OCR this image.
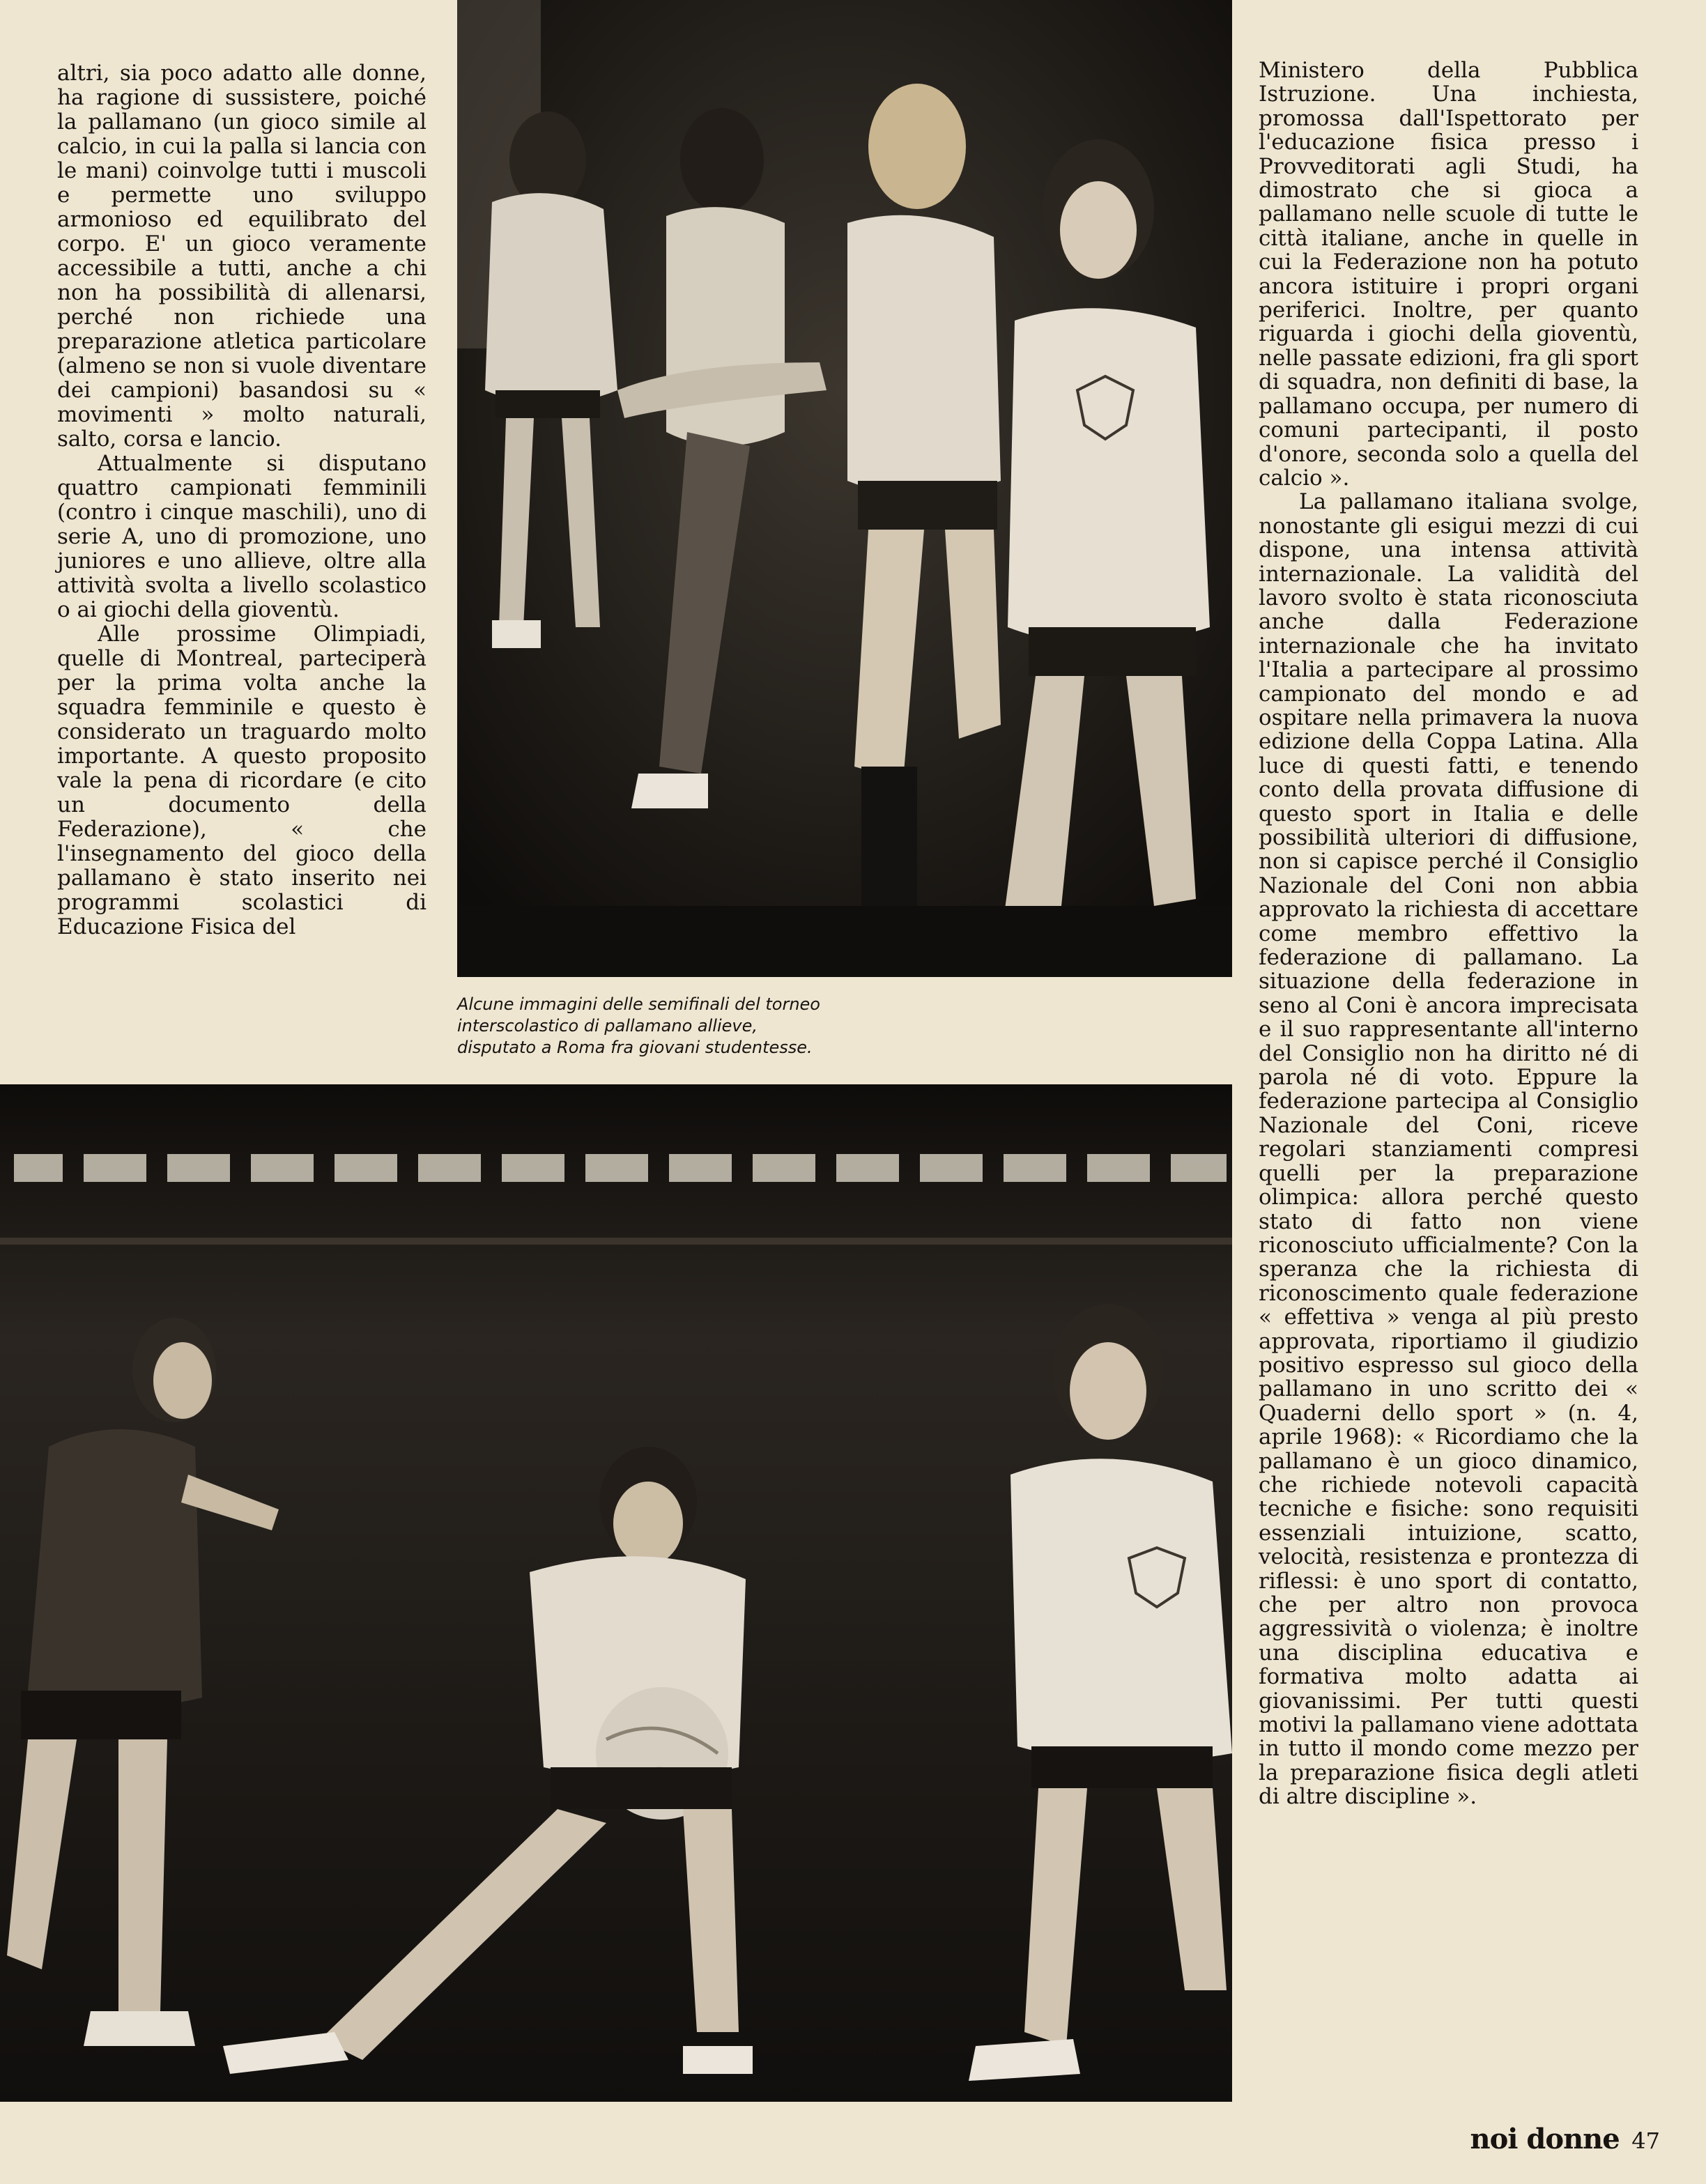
altri, sia poco adatto alle donne, ha ragione di sussistere, poiché la pallamano (un gioco simile al calcio, in cui la palla si lancia con le mani) coinvolge tutti i muscoli e permette uno sviluppo armonioso ed equilibrato del corpo. E' un gioco veramente accessibile a tutti, anche a chi non ha possibilità di allenarsi, perché non richiede una preparazione atletica particolare (almeno se non si vuole diventare dei campioni) basandosi su « movimenti » molto naturali, salto, corsa e lancio.

Attualmente si disputano quattro campionati femminili (contro i cinque maschili), uno di serie A, uno di promozione, uno juniores e uno allieve, oltre alla attività svolta a livello scolastico o ai giochi della gioventù.

Alle prossime Olimpiadi, quelle di Montreal, parteciperà per la prima volta anche la squadra femminile e questo è considerato un traguardo molto importante. A questo proposito vale la pena di ricordare (e cito un documento della Federazione), « che l'insegnamento del gioco della pallamano è stato inserito nei programmi scolastici di Educazione Fisica del

Alcune immagini delle semifinali del torneo
interscolastico di pallamano allieve,
disputato a Roma fra giovani studentesse.

Ministero della Pubblica Istruzione. Una inchiesta, promossa dall'Ispettorato per l'educazione fisica presso i Provveditorati agli Studi, ha dimostrato che si gioca a pallamano nelle scuole di tutte le città italiane, anche in quelle in cui la Federazione non ha potuto ancora istituire i propri organi periferici. Inoltre, per quanto riguarda i giochi della gioventù, nelle passate edizioni, fra gli sport di squadra, non definiti di base, la pallamano occupa, per numero di comuni partecipanti, il posto d'onore, seconda solo a quella del calcio ».

La pallamano italiana svolge, nonostante gli esigui mezzi di cui dispone, una intensa attività internazionale. La validità del lavoro svolto è stata riconosciuta anche dalla Federazione internazionale che ha invitato l'Italia a partecipare al prossimo campionato del mondo e ad ospitare nella primavera la nuova edizione della Coppa Latina. Alla luce di questi fatti, e tenendo conto della provata diffusione di questo sport in Italia e delle possibilità ulteriori di diffusione, non si capisce perché il Consiglio Nazionale del Coni non abbia approvato la richiesta di accettare come membro effettivo la federazione di pallamano. La situazione della federazione in seno al Coni è ancora imprecisata e il suo rappresentante all'interno del Consiglio non ha diritto né di parola né di voto. Eppure la federazione partecipa al Consiglio Nazionale del Coni, riceve regolari stanziamenti compresi quelli per la preparazione olimpica: allora perché questo stato di fatto non viene riconosciuto ufficialmente? Con la speranza che la richiesta di riconoscimento quale federazione « effettiva » venga al più presto approvata, riportiamo il giudizio positivo espresso sul gioco della pallamano in uno scritto dei « Quaderni dello sport » (n. 4, aprile 1968): « Ricordiamo che la pallamano è un gioco dinamico, che richiede notevoli capacità tecniche e fisiche: sono requisiti essenziali intuizione, scatto, velocità, resistenza e prontezza di riflessi: è uno sport di contatto, che per altro non provoca aggressività o violenza; è inoltre una disciplina educativa e formativa molto adatta ai giovanissimi. Per tutti questi motivi la pallamano viene adottata in tutto il mondo come mezzo per la preparazione fisica degli atleti di altre discipline ».

noi donne 47
